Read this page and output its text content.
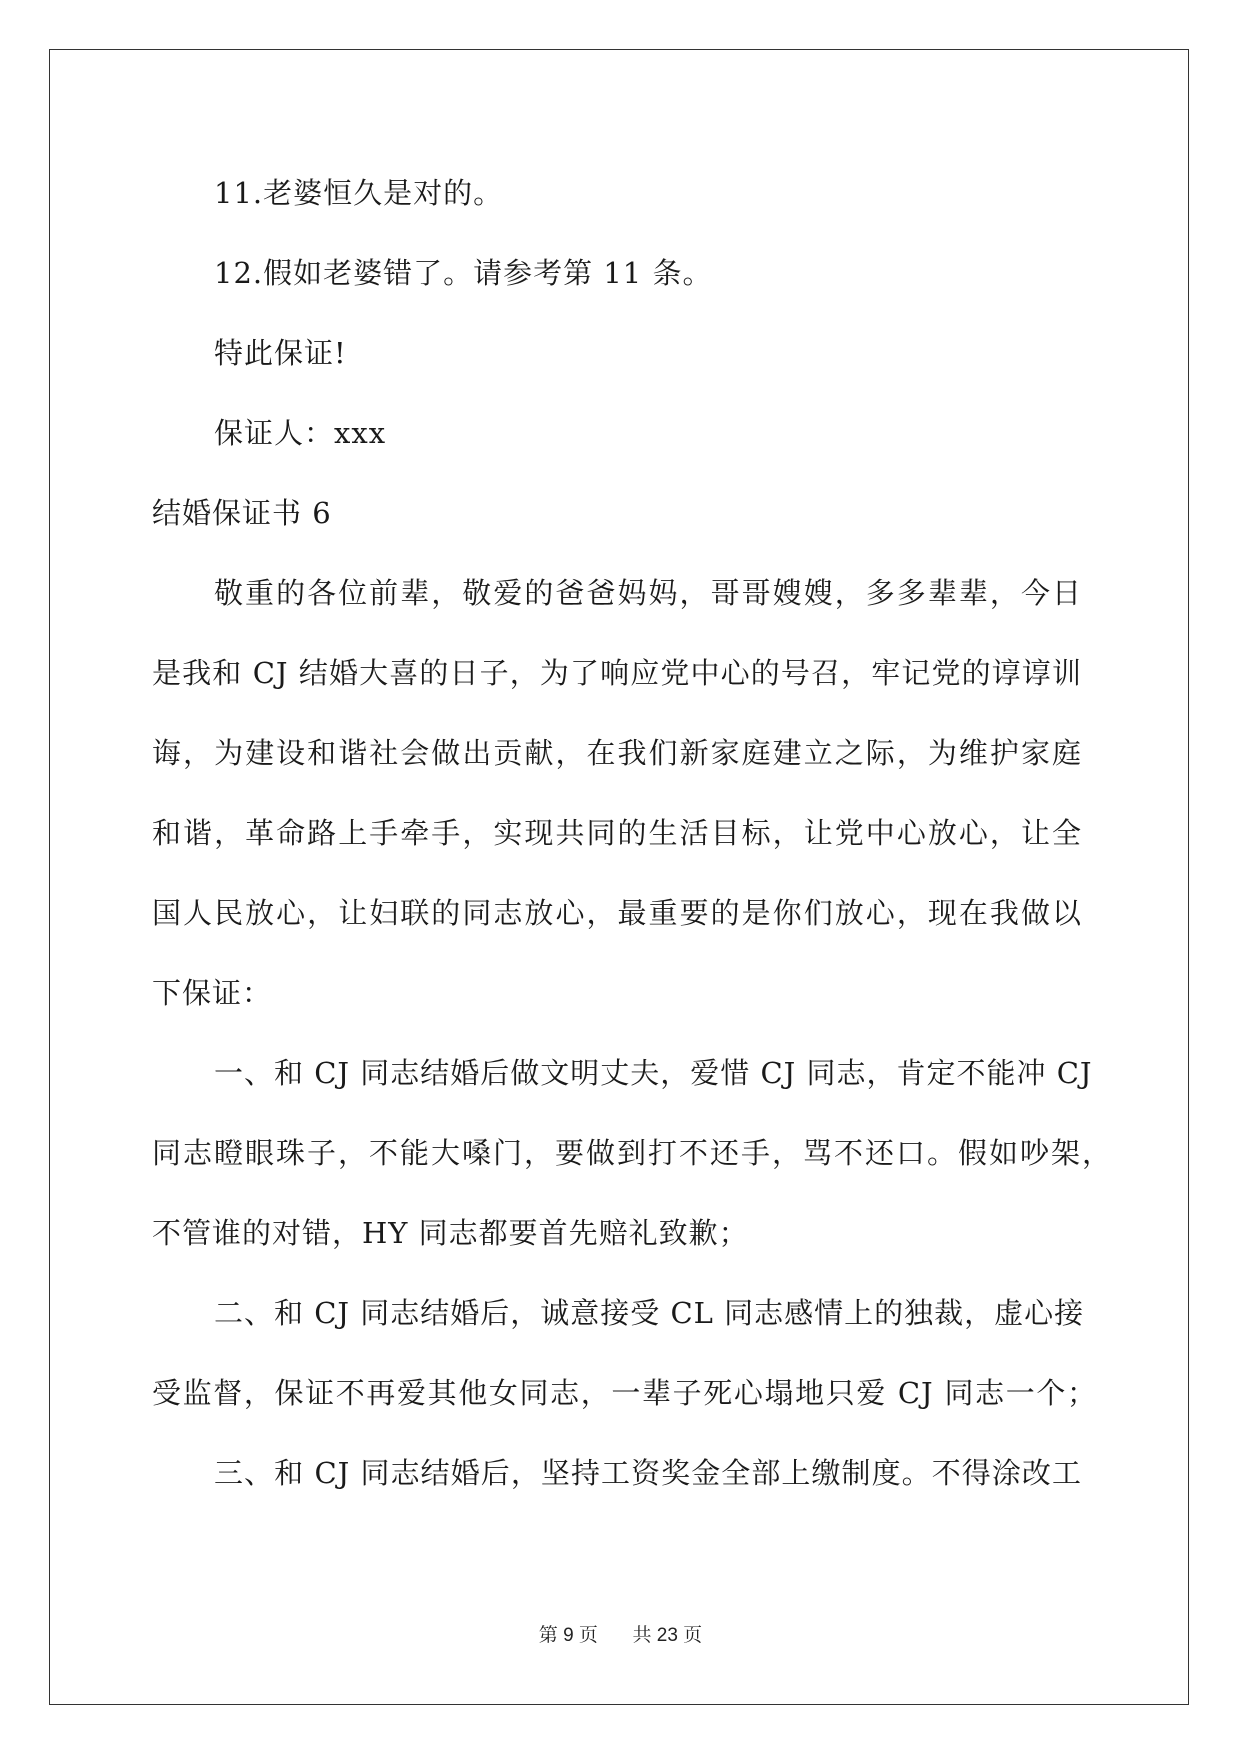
11.老婆恒久是对的。
12.假如老婆错了。请参考第 11 条。
特此保证!
保证人：xxx
结婚保证书 6
敬重的各位前辈，敬爱的爸爸妈妈，哥哥嫂嫂，多多辈辈，今日
是我和 CJ 结婚大喜的日子，为了响应党中心的号召，牢记党的谆谆训
诲，为建设和谐社会做出贡献，在我们新家庭建立之际，为维护家庭
和谐，革命路上手牵手，实现共同的生活目标，让党中心放心，让全
国人民放心，让妇联的同志放心，最重要的是你们放心，现在我做以
下保证：
一、和 CJ 同志结婚后做文明丈夫，爱惜 CJ 同志，肯定不能冲 CJ
同志瞪眼珠子，不能大嗓门，要做到打不还手，骂不还口。假如吵架，
不管谁的对错，HY 同志都要首先赔礼致歉；
二、和 CJ 同志结婚后，诚意接受 CL 同志感情上的独裁，虚心接
受监督，保证不再爱其他女同志，一辈子死心塌地只爱 CJ 同志一个；
三、和 CJ 同志结婚后，坚持工资奖金全部上缴制度。不得涂改工
第 9 页 共 23 页
